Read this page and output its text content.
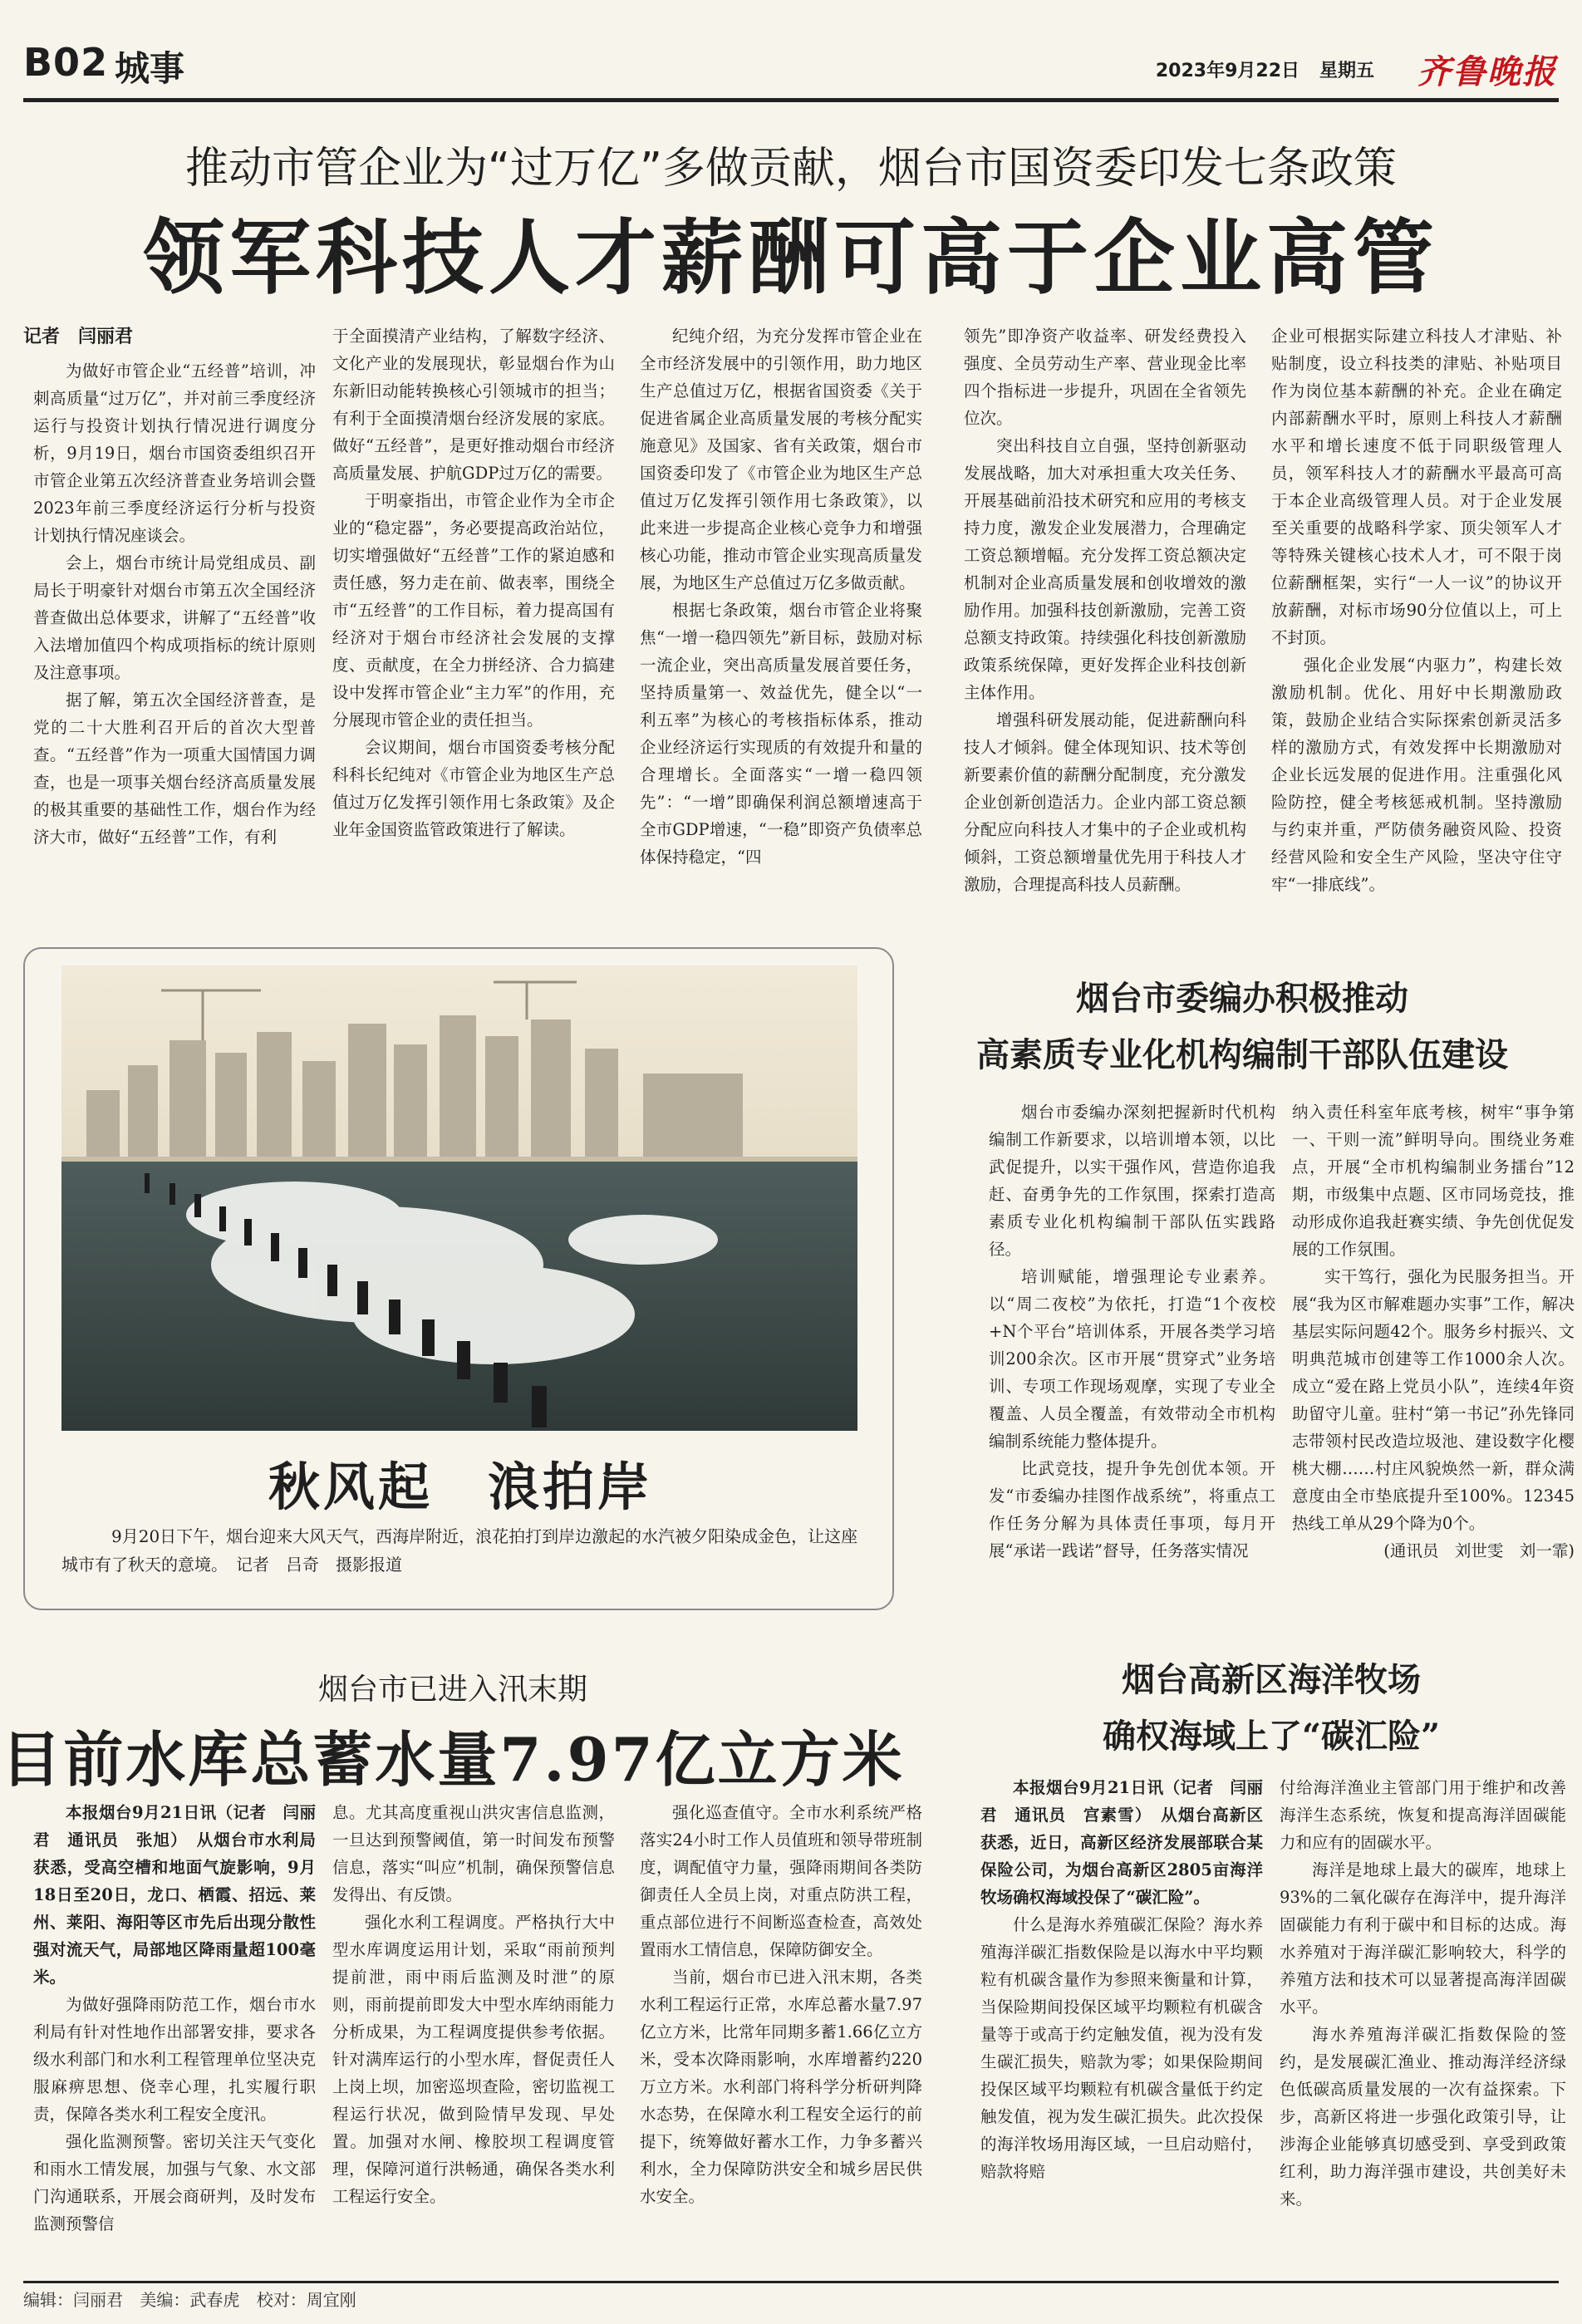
B02 城事	2023年9月22日 星期五 齐鲁晚报
推动市管企业为“过万亿”多做贡献，烟台市国资委印发七条政策
领军科技人才薪酬可高于企业高管
记者　闫丽君

为做好市管企业“五经普”培训，冲刺高质量“过万亿”，并对前三季度经济运行与投资计划执行情况进行调度分析，9月19日，烟台市国资委组织召开市管企业第五次经济普查业务培训会暨2023年前三季度经济运行分析与投资计划执行情况座谈会。

会上，烟台市统计局党组成员、副局长于明豪针对烟台市第五次全国经济普查做出总体要求，讲解了“五经普”收入法增加值四个构成项指标的统计原则及注意事项。

据了解，第五次全国经济普查，是党的二十大胜利召开后的首次大型普查。“五经普”作为一项重大国情国力调查，也是一项事关烟台经济高质量发展的极其重要的基础性工作，烟台作为经济大市，做好“五经普”工作，有利

于全面摸清产业结构，了解数字经济、文化产业的发展现状，彰显烟台作为山东新旧动能转换核心引领城市的担当；有利于全面摸清烟台经济发展的家底。做好“五经普”，是更好推动烟台市经济高质量发展、护航GDP过万亿的需要。

于明豪指出，市管企业作为全市企业的“稳定器”，务必要提高政治站位，切实增强做好“五经普”工作的紧迫感和责任感，努力走在前、做表率，围绕全市“五经普”的工作目标，着力提高国有经济对于烟台市经济社会发展的支撑度、贡献度，在全力拼经济、合力搞建设中发挥市管企业“主力军”的作用，充分展现市管企业的责任担当。

会议期间，烟台市国资委考核分配科科长纪纯对《市管企业为地区生产总值过万亿发挥引领作用七条政策》及企业年金国资监管政策进行了解读。

纪纯介绍，为充分发挥市管企业在全市经济发展中的引领作用，助力地区生产总值过万亿，根据省国资委《关于促进省属企业高质量发展的考核分配实施意见》及国家、省有关政策，烟台市国资委印发了《市管企业为地区生产总值过万亿发挥引领作用七条政策》，以此来进一步提高企业核心竞争力和增强核心功能，推动市管企业实现高质量发展，为地区生产总值过万亿多做贡献。

根据七条政策，烟台市管企业将聚焦“一增一稳四领先”新目标，鼓励对标一流企业，突出高质量发展首要任务，坚持质量第一、效益优先，健全以“一利五率”为核心的考核指标体系，推动企业经济运行实现质的有效提升和量的合理增长。全面落实“一增一稳四领先”：“一增”即确保利润总额增速高于全市GDP增速，“一稳”即资产负债率总体保持稳定，“四

领先”即净资产收益率、研发经费投入强度、全员劳动生产率、营业现金比率四个指标进一步提升，巩固在全省领先位次。

突出科技自立自强，坚持创新驱动发展战略，加大对承担重大攻关任务、开展基础前沿技术研究和应用的考核支持力度，激发企业发展潜力，合理确定工资总额增幅。充分发挥工资总额决定机制对企业高质量发展和创收增效的激励作用。加强科技创新激励，完善工资总额支持政策。持续强化科技创新激励政策系统保障，更好发挥企业科技创新主体作用。

增强科研发展动能，促进薪酬向科技人才倾斜。健全体现知识、技术等创新要素价值的薪酬分配制度，充分激发企业创新创造活力。企业内部工资总额分配应向科技人才集中的子企业或机构倾斜，工资总额增量优先用于科技人才激励，合理提高科技人员薪酬。

企业可根据实际建立科技人才津贴、补贴制度，设立科技类的津贴、补贴项目作为岗位基本薪酬的补充。企业在确定内部薪酬水平时，原则上科技人才薪酬水平和增长速度不低于同职级管理人员，领军科技人才的薪酬水平最高可高于本企业高级管理人员。对于企业发展至关重要的战略科学家、顶尖领军人才等特殊关键核心技术人才，可不限于岗位薪酬框架，实行“一人一议”的协议开放薪酬，对标市场90分位值以上，可上不封顶。

强化企业发展“内驱力”，构建长效激励机制。优化、用好中长期激励政策，鼓励企业结合实际探索创新灵活多样的激励方式，有效发挥中长期激励对企业长远发展的促进作用。注重强化风险防控，健全考核惩戒机制。坚持激励与约束并重，严防债务融资风险、投资经营风险和安全生产风险，坚决守住守牢“一排底线”。

秋风起　浪拍岸
9月20日下午，烟台迎来大风天气，西海岸附近，浪花拍打到岸边激起的水汽被夕阳染成金色，让这座城市有了秋天的意境。　记者　吕奇　摄影报道
烟台市委编办积极推动
高素质专业化机构编制干部队伍建设

烟台市委编办深刻把握新时代机构编制工作新要求，以培训增本领，以比武促提升，以实干强作风，营造你追我赶、奋勇争先的工作氛围，探索打造高素质专业化机构编制干部队伍实践路径。

培训赋能，增强理论专业素养。以“周二夜校”为依托，打造“1个夜校+N个平台”培训体系，开展各类学习培训200余次。区市开展“贯穿式”业务培训、专项工作现场观摩，实现了专业全覆盖、人员全覆盖，有效带动全市机构编制系统能力整体提升。

比武竞技，提升争先创优本领。开发“市委编办挂图作战系统”，将重点工作任务分解为具体责任事项，每月开展“承诺一践诺”督导，任务落实情况

纳入责任科室年底考核，树牢“事争第一、干则一流”鲜明导向。围绕业务难点，开展“全市机构编制业务擂台”12期，市级集中点题、区市同场竞技，推动形成你追我赶赛实绩、争先创优促发展的工作氛围。

实干笃行，强化为民服务担当。开展“我为区市解难题办实事”工作，解决基层实际问题42个。服务乡村振兴、文明典范城市创建等工作1000余人次。成立“爱在路上党员小队”，连续4年资助留守儿童。驻村“第一书记”孙先锋同志带领村民改造垃圾池、建设数字化樱桃大棚……村庄风貌焕然一新，群众满意度由全市垫底提升至100%。12345热线工单从29个降为0个。

(通讯员　刘世雯　刘一霏)

烟台市已进入汛末期
目前水库总蓄水量7.97亿立方米

本报烟台9月21日讯（记者　闫丽君　通讯员　张旭）　从烟台市水利局获悉，受高空槽和地面气旋影响，9月18日至20日，龙口、栖霞、招远、莱州、莱阳、海阳等区市先后出现分散性强对流天气，局部地区降雨量超100毫米。

为做好强降雨防范工作，烟台市水利局有针对性地作出部署安排，要求各级水利部门和水利工程管理单位坚决克服麻痹思想、侥幸心理，扎实履行职责，保障各类水利工程安全度汛。

强化监测预警。密切关注天气变化和雨水工情发展，加强与气象、水文部门沟通联系，开展会商研判，及时发布监测预警信

息。尤其高度重视山洪灾害信息监测，一旦达到预警阈值，第一时间发布预警信息，落实“叫应”机制，确保预警信息发得出、有反馈。

强化水利工程调度。严格执行大中型水库调度运用计划，采取“雨前预判提前泄，雨中雨后监测及时泄”的原则，雨前提前即发大中型水库纳雨能力分析成果，为工程调度提供参考依据。针对满库运行的小型水库，督促责任人上岗上坝，加密巡坝查险，密切监视工程运行状况，做到险情早发现、早处置。加强对水闸、橡胶坝工程调度管理，保障河道行洪畅通，确保各类水利工程运行安全。

强化巡查值守。全市水利系统严格落实24小时工作人员值班和领导带班制度，调配值守力量，强降雨期间各类防御责任人全员上岗，对重点防洪工程，重点部位进行不间断巡查检查，高效处置雨水工情信息，保障防御安全。

当前，烟台市已进入汛末期，各类水利工程运行正常，水库总蓄水量7.97亿立方米，比常年同期多蓄1.66亿立方米，受本次降雨影响，水库增蓄约220万立方米。水利部门将科学分析研判降水态势，在保障水利工程安全运行的前提下，统筹做好蓄水工作，力争多蓄兴利水，全力保障防洪安全和城乡居民供水安全。

烟台高新区海洋牧场
确权海域上了“碳汇险”

本报烟台9月21日讯（记者　闫丽君　通讯员　宫素雪）　从烟台高新区获悉，近日，高新区经济发展部联合某保险公司，为烟台高新区2805亩海洋牧场确权海域投保了“碳汇险”。

什么是海水养殖碳汇保险？海水养殖海洋碳汇指数保险是以海水中平均颗粒有机碳含量作为参照来衡量和计算，当保险期间投保区域平均颗粒有机碳含量等于或高于约定触发值，视为没有发生碳汇损失，赔款为零；如果保险期间投保区域平均颗粒有机碳含量低于约定触发值，视为发生碳汇损失。此次投保的海洋牧场用海区域，一旦启动赔付，赔款将赔

付给海洋渔业主管部门用于维护和改善海洋生态系统，恢复和提高海洋固碳能力和应有的固碳水平。

海洋是地球上最大的碳库，地球上93%的二氧化碳存在海洋中，提升海洋固碳能力有利于碳中和目标的达成。海水养殖对于海洋碳汇影响较大，科学的养殖方法和技术可以显著提高海洋固碳水平。

海水养殖海洋碳汇指数保险的签约，是发展碳汇渔业、推动海洋经济绿色低碳高质量发展的一次有益探索。下步，高新区将进一步强化政策引导，让涉海企业能够真切感受到、享受到政策红利，助力海洋强市建设，共创美好未来。

编辑：闫丽君 美编：武春虎 校对：周宜刚
